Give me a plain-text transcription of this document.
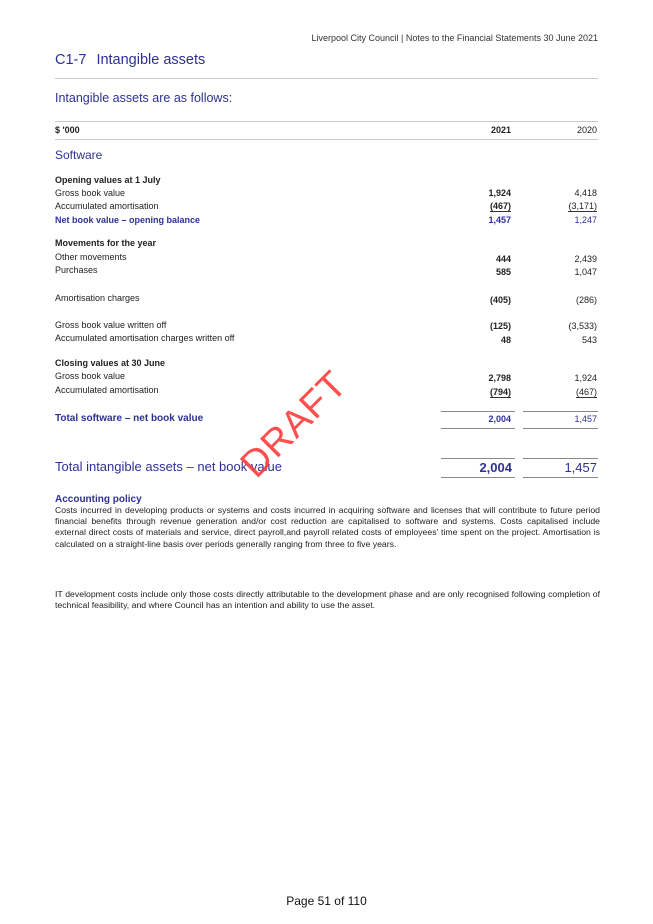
Liverpool City Council | Notes to the Financial Statements 30 June 2021
C1-7 Intangible assets
Intangible assets are as follows:
$ '000	2021	2020
Software
Opening values at 1 July
Gross book value	1,924	4,418
Accumulated amortisation	(467)	(3,171)
Net book value – opening balance	1,457	1,247
Movements for the year
Other movements	444	2,439
Purchases	585	1,047
Amortisation charges	(405)	(286)
Gross book value written off	(125)	(3,533)
Accumulated amortisation charges written off	48	543
Closing values at 30 June
Gross book value	2,798	1,924
Accumulated amortisation	(794)	(467)
Total software – net book value	2,004	1,457
Total intangible assets – net book value	2,004	1,457
Accounting policy
Costs incurred in developing products or systems and costs incurred in acquiring software and licenses that will contribute to future period financial benefits through revenue generation and/or cost reduction are capitalised to software and systems. Costs capitalised include external direct costs of materials and service, direct payroll,and payroll related costs of employees' time spent on the project. Amortisation is calculated on a straight-line basis over periods generally ranging from three to five years.
IT development costs include only those costs directly attributable to the development phase and are only recognised following completion of technical feasibility, and where Council has an intention and ability to use the asset.
DRAFT
Page 51 of 110
